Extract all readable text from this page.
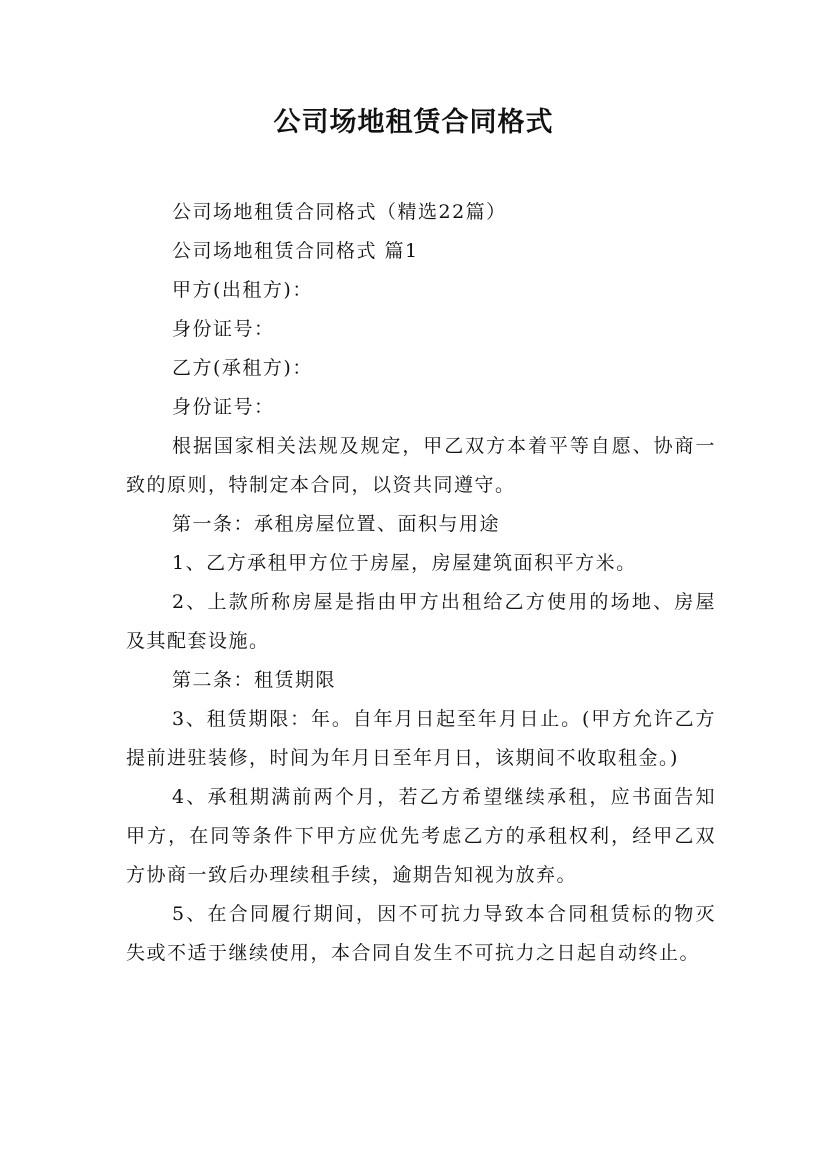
公司场地租赁合同格式

公司场地租赁合同格式（精选22篇）

公司场地租赁合同格式 篇1

甲方(出租方)：

身份证号：

乙方(承租方)：

身份证号：

根据国家相关法规及规定，甲乙双方本着平等自愿、协商一致的原则，特制定本合同，以资共同遵守。

第一条：承租房屋位置、面积与用途

1、乙方承租甲方位于房屋，房屋建筑面积平方米。

2、上款所称房屋是指由甲方出租给乙方使用的场地、房屋及其配套设施。

第二条：租赁期限

3、租赁期限：年。自年月日起至年月日止。(甲方允许乙方提前进驻装修，时间为年月日至年月日，该期间不收取租金。)

4、承租期满前两个月，若乙方希望继续承租，应书面告知甲方，在同等条件下甲方应优先考虑乙方的承租权利，经甲乙双方协商一致后办理续租手续，逾期告知视为放弃。

5、在合同履行期间，因不可抗力导致本合同租赁标的物灭失或不适于继续使用，本合同自发生不可抗力之日起自动终止。
